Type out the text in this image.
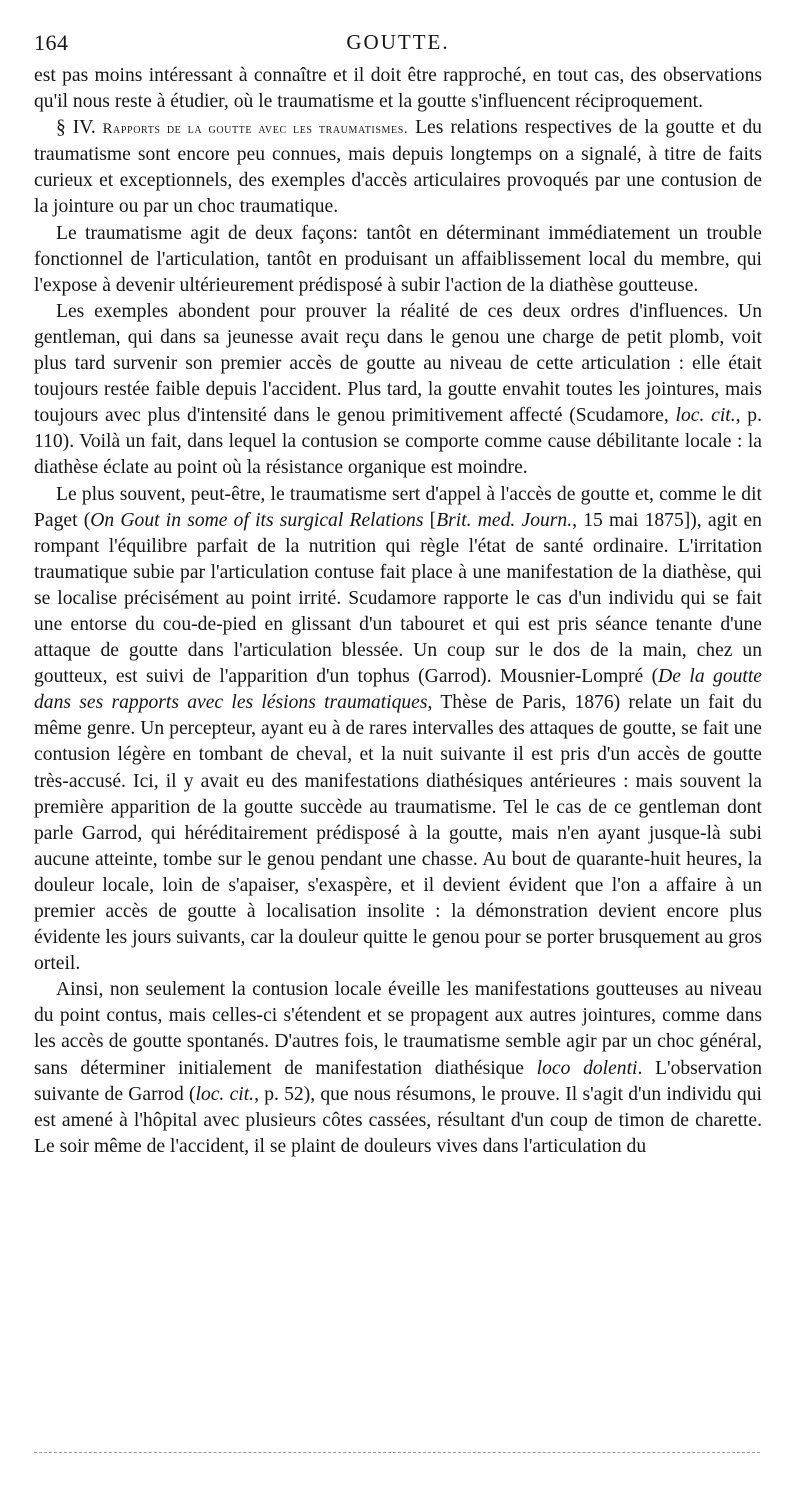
164	GOUTTE.

est pas moins intéressant à connaître et il doit être rapproché, en tout cas, des observations qu'il nous reste à étudier, où le traumatisme et la goutte s'influencent réciproquement.

§ IV. Rapports de la goutte avec les traumatismes. Les relations respectives de la goutte et du traumatisme sont encore peu connues, mais depuis longtemps on a signalé, à titre de faits curieux et exceptionnels, des exemples d'accès articulaires provoqués par une contusion de la jointure ou par un choc traumatique.

Le traumatisme agit de deux façons: tantôt en déterminant immédiatement un trouble fonctionnel de l'articulation, tantôt en produisant un affaiblissement local du membre, qui l'expose à devenir ultérieurement prédisposé à subir l'action de la diathèse goutteuse.

Les exemples abondent pour prouver la réalité de ces deux ordres d'influences. Un gentleman, qui dans sa jeunesse avait reçu dans le genou une charge de petit plomb, voit plus tard survenir son premier accès de goutte au niveau de cette articulation : elle était toujours restée faible depuis l'accident. Plus tard, la goutte envahit toutes les jointures, mais toujours avec plus d'intensité dans le genou primitivement affecté (Scudamore, loc. cit., p. 110). Voilà un fait, dans lequel la contusion se comporte comme cause débilitante locale : la diathèse éclate au point où la résistance organique est moindre.

Le plus souvent, peut-être, le traumatisme sert d'appel à l'accès de goutte et, comme le dit Paget (On Gout in some of its surgical Relations [Brit. med. Journ., 15 mai 1875]), agit en rompant l'équilibre parfait de la nutrition qui règle l'état de santé ordinaire. L'irritation traumatique subie par l'articulation contuse fait place à une manifestation de la diathèse, qui se localise précisément au point irrité. Scudamore rapporte le cas d'un individu qui se fait une entorse du cou-de-pied en glissant d'un tabouret et qui est pris séance tenante d'une attaque de goutte dans l'articulation blessée. Un coup sur le dos de la main, chez un goutteux, est suivi de l'apparition d'un tophus (Garrod). Mousnier-Lompré (De la goutte dans ses rapports avec les lésions traumatiques, Thèse de Paris, 1876) relate un fait du même genre. Un percepteur, ayant eu à de rares intervalles des attaques de goutte, se fait une contusion légère en tombant de cheval, et la nuit suivante il est pris d'un accès de goutte très-accusé. Ici, il y avait eu des manifestations diathésiques antérieures : mais souvent la première apparition de la goutte succède au traumatisme. Tel le cas de ce gentleman dont parle Garrod, qui héréditairement prédisposé à la goutte, mais n'en ayant jusque-là subi aucune atteinte, tombe sur le genou pendant une chasse. Au bout de quarante-huit heures, la douleur locale, loin de s'apaiser, s'exaspère, et il devient évident que l'on a affaire à un premier accès de goutte à localisation insolite : la démonstration devient encore plus évidente les jours suivants, car la douleur quitte le genou pour se porter brusquement au gros orteil.

Ainsi, non seulement la contusion locale éveille les manifestations goutteuses au niveau du point contus, mais celles-ci s'étendent et se propagent aux autres jointures, comme dans les accès de goutte spontanés. D'autres fois, le traumatisme semble agir par un choc général, sans déterminer initialement de manifestation diathésique loco dolenti. L'observation suivante de Garrod (loc. cit., p. 52), que nous résumons, le prouve. Il s'agit d'un individu qui est amené à l'hôpital avec plusieurs côtes cassées, résultant d'un coup de timon de charette. Le soir même de l'accident, il se plaint de douleurs vives dans l'articulation du
